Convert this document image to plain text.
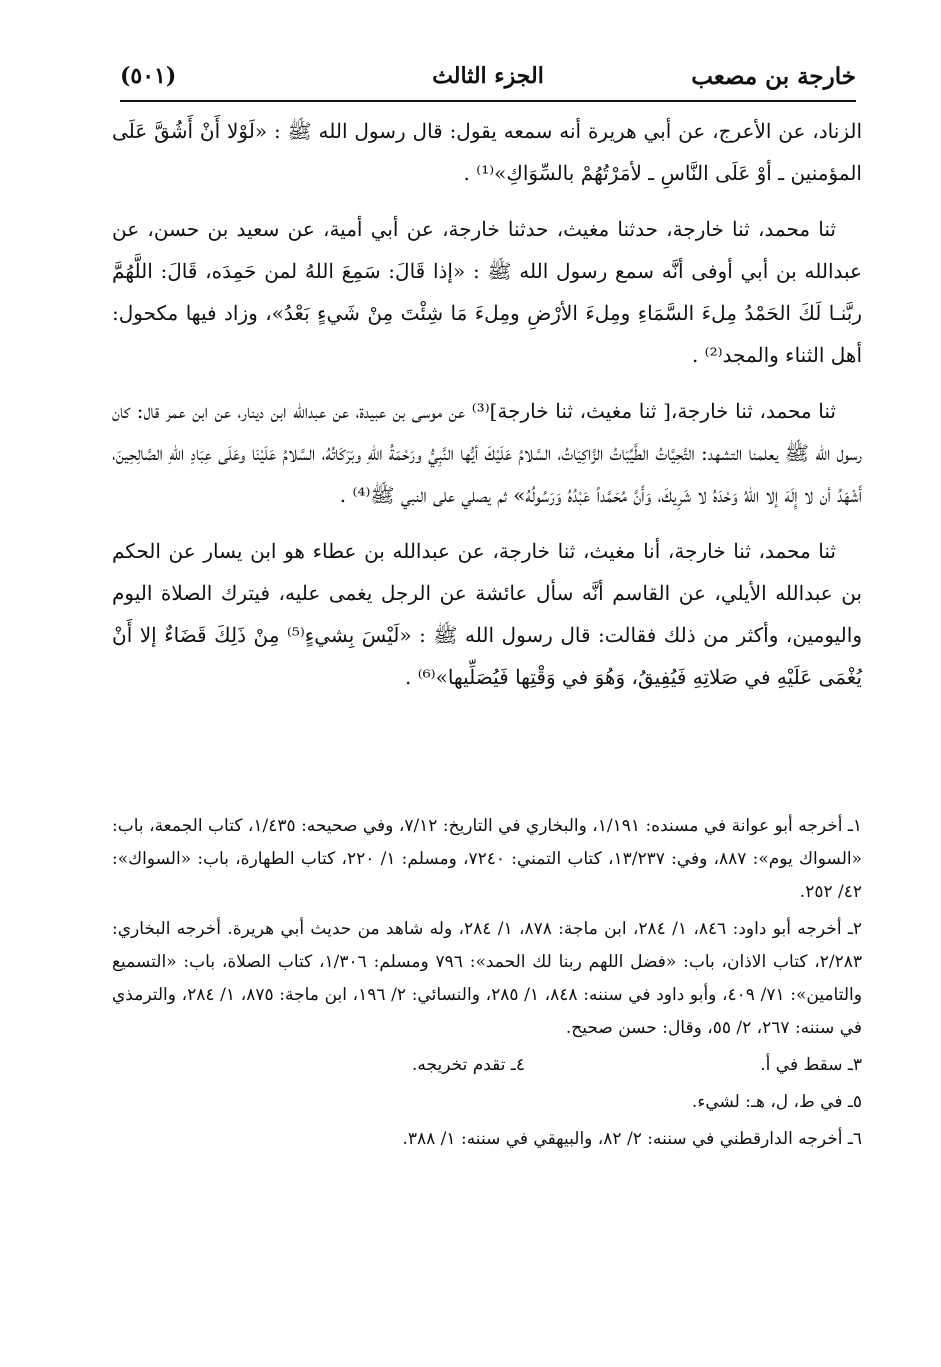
خارجة بن مصعب
الجزء الثالث
(٥٠١)

الزناد، عن الأعرج، عن أبي هريرة أنه سمعه يقول: قال رسول الله ﷺ : «لَوْلا أَنْ أَشُقَّ عَلَى المؤمنين ـ أوْ عَلَى النَّاسِ ـ لأمَرْتُهُمْ بالسِّوَاكِ»⁽¹⁾ .

ثنا محمد، ثنا خارجة، حدثنا مغيث، حدثنا خارجة، عن أبي أمية، عن سعيد بن حسن، عن عبدالله بن أبي أوفى أنَّه سمع رسول الله ﷺ : «إذا قَالَ: سَمِعَ اللهُ لمن حَمِدَه، قَالَ: اللَّهُمَّ ربَّنـا لَكَ الحَمْدُ مِلءَ السَّمَاءِ ومِلءَ الأرْضِ ومِلءَ مَا شِئْتَ مِنْ شَيءٍ بَعْدُ»، وزاد فيها مكحول: أهل الثناء والمجد⁽²⁾ .

ثنا محمد، ثنا خارجة،[ ثنا مغيث، ثنا خارجة]⁽³⁾ عن موسى بن عبيدة، عن عبدالله ابن دينار، عن ابن عمر قال: كان رسول الله ﷺ يعلمنا التشهد: التَّحِيَّاتُ الطَّيِّبَاتُ الزَّاكِيَاتُ، السَّلامُ عَلَيْكَ أيُّها النَّبِيُّ ورَحْمَةُ اللهِ وبَرَكَاتُهُ، السَّلامُ عَلَيْنَا وعَلَى عِبَادِ اللهِ الصَّالِحِينَ، أَشْهَدُ أن لا إِلَهَ إلا اللهُ وَحْدَهُ لا شَرِيكَ، وَأَنَّ مُحَمَّداً عَبْدُهُ وَرَسُولُهُ» ثم يصلي على النبي ﷺ⁽⁴⁾ .

ثنا محمد، ثنا خارجة، أنا مغيث، ثنا خارجة، عن عبدالله بن عطاء هو ابن يسار عن الحكم بن عبدالله الأيلي، عن القاسم أنَّه سأل عائشة عن الرجل يغمى عليه، فيترك الصلاة اليوم واليومين، وأكثر من ذلك فقالت: قال رسول الله ﷺ : «لَيْسَ بِشيءٍ⁽⁵⁾ مِنْ ذَلِكَ قَضَاءٌ إلا أَنْ يُغْمَى عَلَيْهِ في صَلاتِهِ فَيُفِيقُ، وَهُوَ في وَقْتِها فَيُصَلِّيها»⁽⁶⁾ .

١ـ أخرجه أبو عوانة في مسنده: ١/١٩١، والبخاري في التاريخ: ٧/١٢، وفي صحيحه: ١/٤٣٥، كتاب الجمعة، باب: «السواك يوم»: ٨٨٧، وفي: ١٣/٢٣٧، كتاب التمني: ٧٢٤٠، ومسلم: ١/ ٢٢٠، كتاب الطهارة، باب: «السواك»: ٤٢/ ٢٥٢.

٢ـ أخرجه أبو داود: ٨٤٦، ١/ ٢٨٤، ابن ماجة: ٨٧٨، ١/ ٢٨٤، وله شاهد من حديث أبي هريرة. أخرجه البخاري: ٢/٢٨٣، كتاب الاذان، باب: «فضل اللهم ربنا لك الحمد»: ٧٩٦ ومسلم: ١/٣٠٦، كتاب الصلاة، باب: «التسميع والتامين»: ٧١/ ٤٠٩، وأبو داود في سننه: ٨٤٨، ١/ ٢٨٥، والنسائي: ٢/ ١٩٦، ابن ماجة: ٨٧٥، ١/ ٢٨٤، والترمذي في سننه: ٢٦٧، ٢/ ٥٥، وقال: حسن صحيح.

٣ـ سقط في أ.
٤ـ تقدم تخريجه.

٥ـ في ط، ل، هـ: لشيء.

٦ـ أخرجه الدارقطني في سننه: ٢/ ٨٢، والبيهقي في سننه: ١/ ٣٨٨.
